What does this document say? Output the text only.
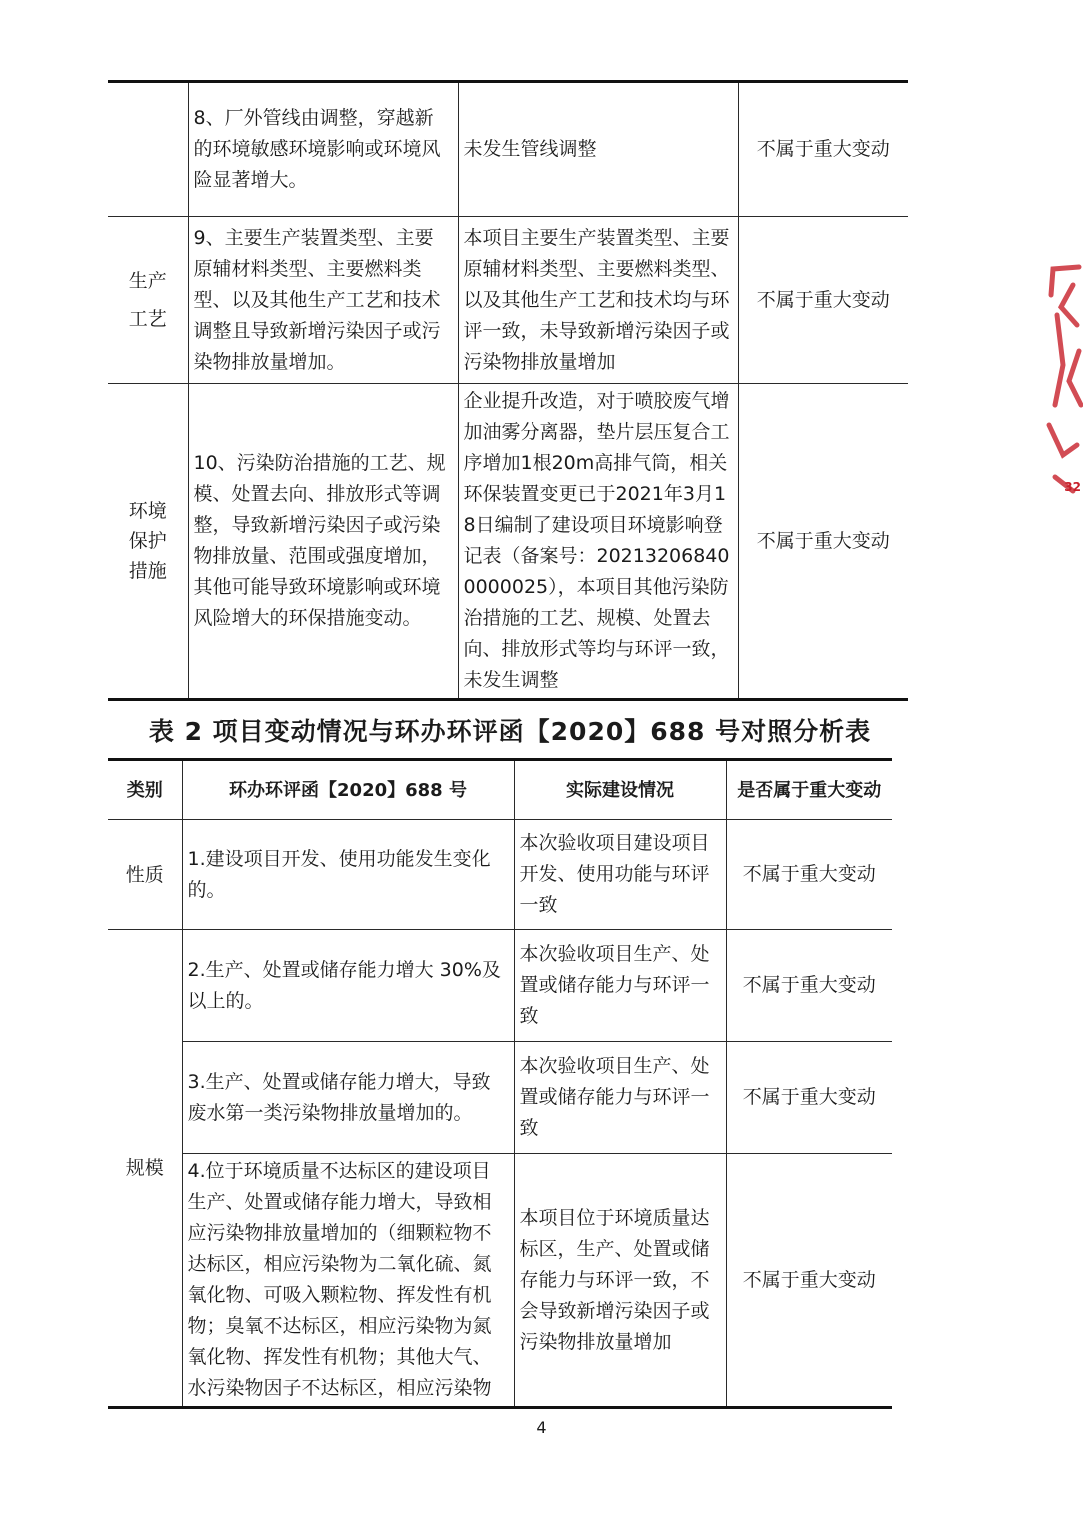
	8、厂外管线由调整，穿越新的环境敏感环境影响或环境风险显著增大。	未发生管线调整	不属于重大变动

生产
工艺	9、主要生产装置类型、主要原辅材料类型、主要燃料类型、以及其他生产工艺和技术调整且导致新增污染因子或污染物排放量增加。	本项目主要生产装置类型、主要原辅材料类型、主要燃料类型、以及其他生产工艺和技术均与环评一致，未导致新增污染因子或污染物排放量增加	不属于重大变动

环境
保护
措施	10、污染防治措施的工艺、规模、处置去向、排放形式等调整，导致新增污染因子或污染物排放量、范围或强度增加，其他可能导致环境影响或环境风险增大的环保措施变动。	企业提升改造，对于喷胶废气增加油雾分离器，垫片层压复合工序增加1根20m高排气筒，相关环保装置变更已于2021年3月18日编制了建设项目环境影响登记表（备案号：202132068400000025），本项目其他污染防治措施的工艺、规模、处置去向、排放形式等均与环评一致，未发生调整	不属于重大变动
表 2 项目变动情况与环办环评函【2020】688 号对照分析表
类别	环办环评函【2020】688 号	实际建设情况	是否属于重大变动
性质	1.建设项目开发、使用功能发生变化的。	本次验收项目建设项目开发、使用功能与环评一致	不属于重大变动
规模	2.生产、处置或储存能力增大 30%及以上的。	本次验收项目生产、处置或储存能力与环评一致	不属于重大变动
	3.生产、处置或储存能力增大，导致废水第一类污染物排放量增加的。	本次验收项目生产、处置或储存能力与环评一致	不属于重大变动
	4.位于环境质量不达标区的建设项目生产、处置或储存能力增大，导致相应污染物排放量增加的（细颗粒物不达标区，相应污染物为二氧化硫、氮氧化物、可吸入颗粒物、挥发性有机物；臭氧不达标区，相应污染物为氮氧化物、挥发性有机物；其他大气、水污染物因子不达标区，相应污染物	本项目位于环境质量达标区，生产、处置或储存能力与环评一致，不会导致新增污染因子或污染物排放量增加	不属于重大变动
4
32
